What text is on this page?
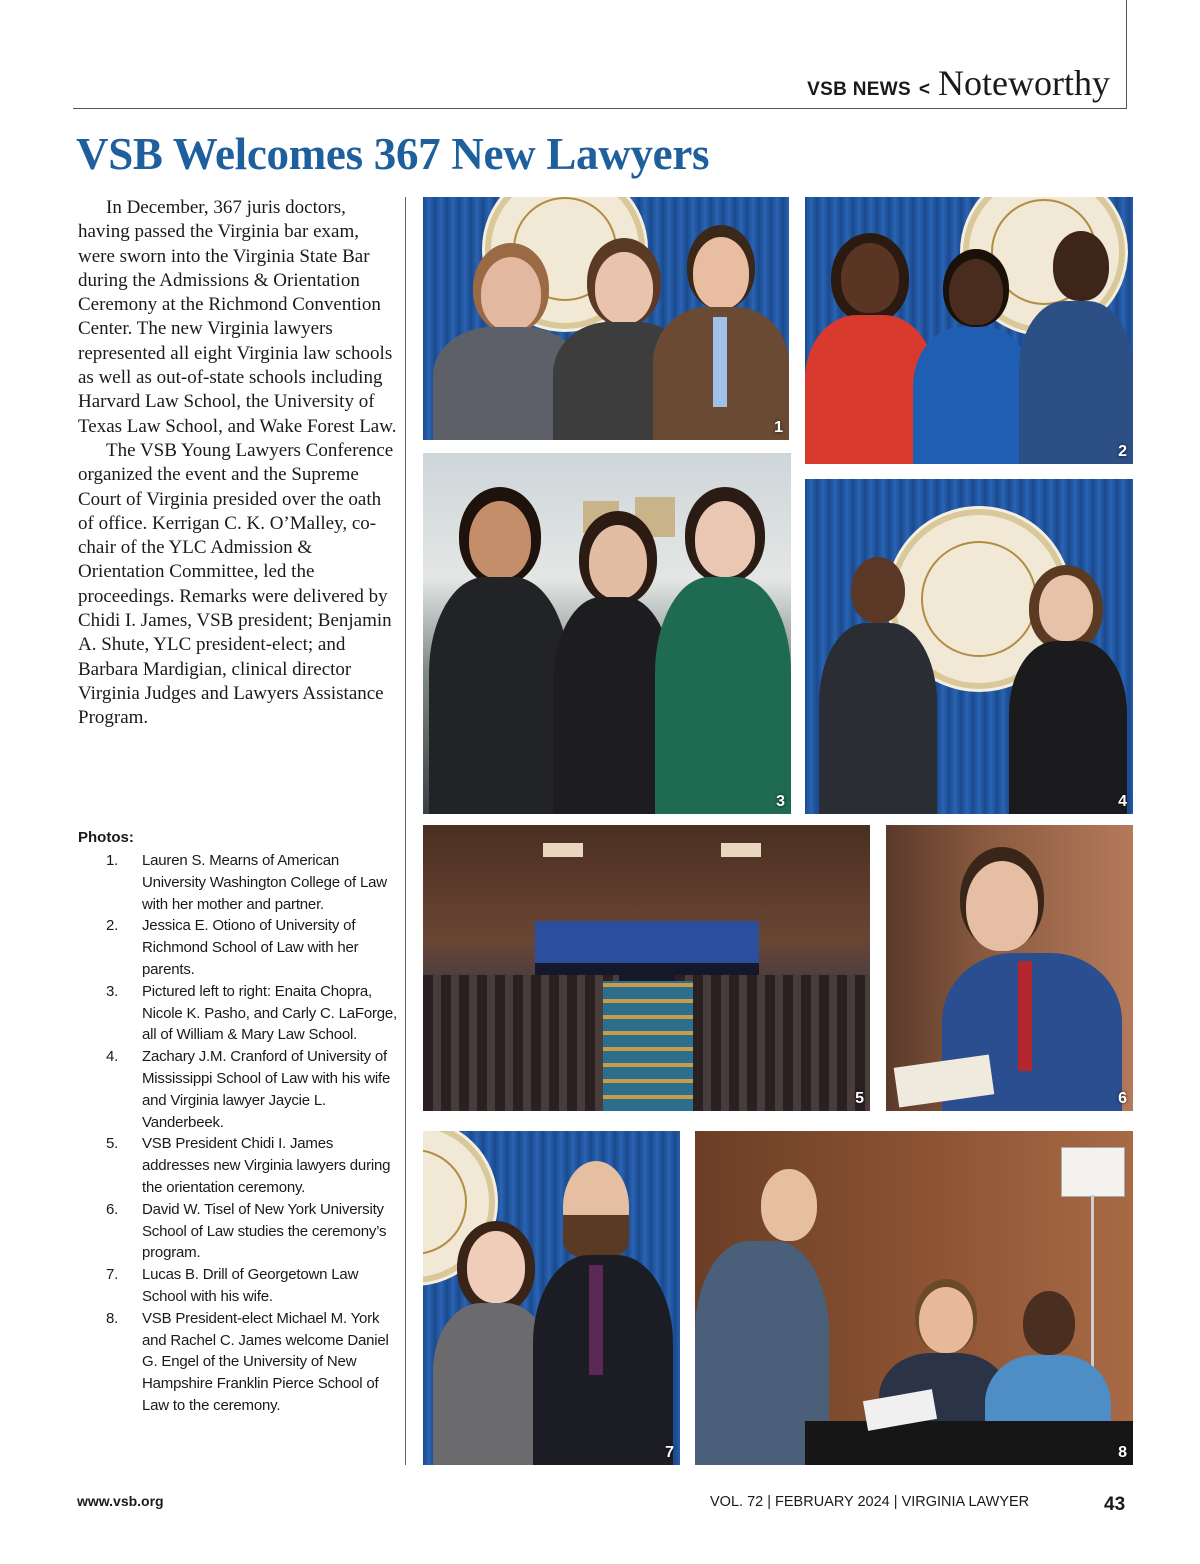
VSB NEWS < Noteworthy
VSB Welcomes 367 New Lawyers

In December, 367 juris doctors, having passed the Virginia bar exam, were sworn into the Virginia State Bar during the Admissions & Orientation Ceremony at the Richmond Convention Center. The new Virginia lawyers represented all eight Virginia law schools as well as out-of-state schools including Harvard Law School, the University of Texas Law School, and Wake Forest Law.

The VSB Young Lawyers Conference organized the event and the Supreme Court of Virginia presided over the oath of office. Kerrigan C. K. O’Malley, co-chair of the YLC Admission & Orientation Committee, led the proceedings. Remarks were delivered by Chidi I. James, VSB president; Benjamin A. Shute, YLC president-elect; and Barbara Mardigian, clinical director Virginia Judges and Lawyers Assistance Program.

Photos:
1. Lauren S. Mearns of American University Washington College of Law with her mother and partner.
2. Jessica E. Otiono of University of Richmond School of Law with her parents.
3. Pictured left to right: Enaita Chopra, Nicole K. Pasho, and Carly C. LaForge, all of William & Mary Law School.
4. Zachary J.M. Cranford of University of Mississippi School of Law with his wife and Virginia lawyer Jaycie L. Vanderbeek.
5. VSB President Chidi I. James addresses new Virginia lawyers during the orientation ceremony.
6. David W. Tisel of New York University School of Law studies the ceremony’s program.
7. Lucas B. Drill of Georgetown Law School with his wife.
8. VSB President-elect Michael M. York and Rachel C. James welcome Daniel G. Engel of the University of New Hampshire Franklin Pierce School of Law to the ceremony.
1
2
3	4
5	6
7	8
www.vsb.org	VOL. 72 | FEBRUARY 2024 | VIRGINIA LAWYER	43
